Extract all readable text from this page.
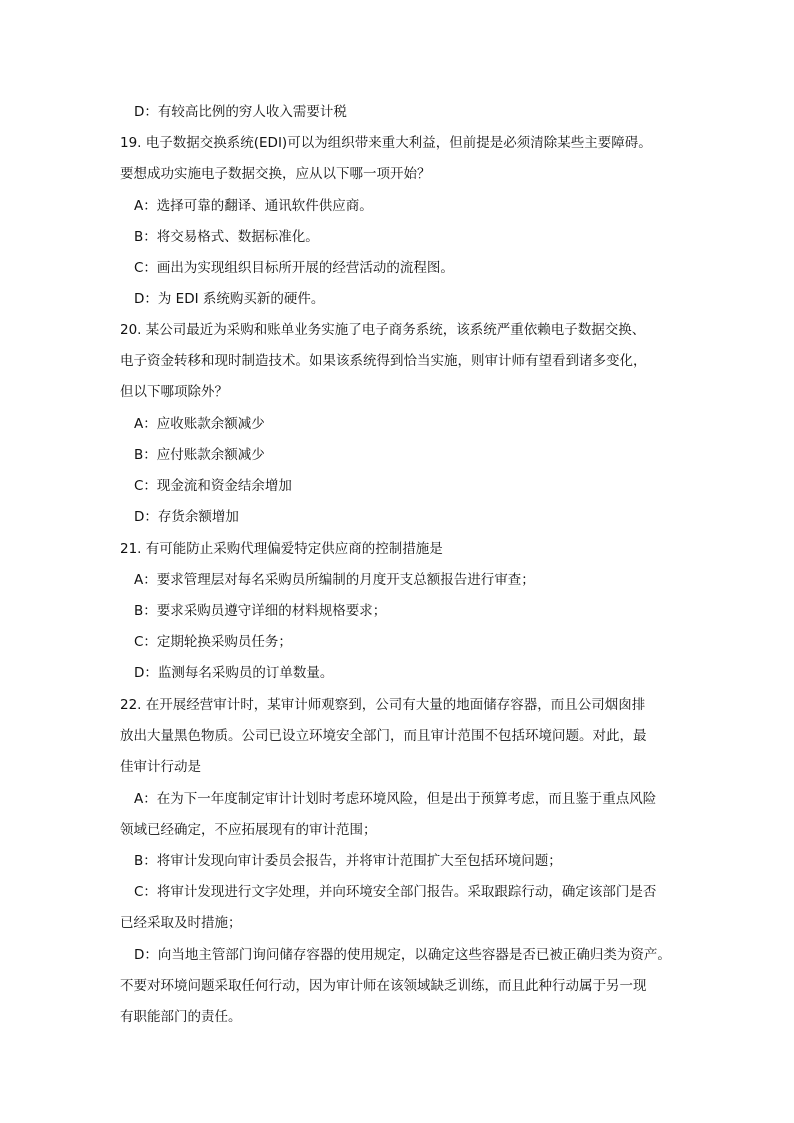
D：有较高比例的穷人收入需要计税
19. 电子数据交换系统(EDI)可以为组织带来重大利益，但前提是必须清除某些主要障碍。
要想成功实施电子数据交换，应从以下哪一项开始？
A：选择可靠的翻译、通讯软件供应商。
B：将交易格式、数据标准化。
C：画出为实现组织目标所开展的经营活动的流程图。
D：为 EDI 系统购买新的硬件。
20. 某公司最近为采购和账单业务实施了电子商务系统，该系统严重依赖电子数据交换、
电子资金转移和现时制造技术。如果该系统得到恰当实施，则审计师有望看到诸多变化，
但以下哪项除外？
A：应收账款余额减少
B：应付账款余额减少
C：现金流和资金结余增加
D：存货余额增加
21. 有可能防止采购代理偏爱特定供应商的控制措施是
A：要求管理层对每名采购员所编制的月度开支总额报告进行审查；
B：要求采购员遵守详细的材料规格要求；
C：定期轮换采购员任务；
D：监测每名采购员的订单数量。
22. 在开展经营审计时，某审计师观察到，公司有大量的地面储存容器，而且公司烟囱排
放出大量黑色物质。公司已设立环境安全部门，而且审计范围不包括环境问题。对此，最
佳审计行动是
A：在为下一年度制定审计计划时考虑环境风险，但是出于预算考虑，而且鉴于重点风险
领域已经确定，不应拓展现有的审计范围；
B：将审计发现向审计委员会报告，并将审计范围扩大至包括环境问题；
C：将审计发现进行文字处理，并向环境安全部门报告。采取跟踪行动，确定该部门是否
已经采取及时措施；
D：向当地主管部门询问储存容器的使用规定，以确定这些容器是否已被正确归类为资产。
不要对环境问题采取任何行动，因为审计师在该领域缺乏训练，而且此种行动属于另一现
有职能部门的责任。
